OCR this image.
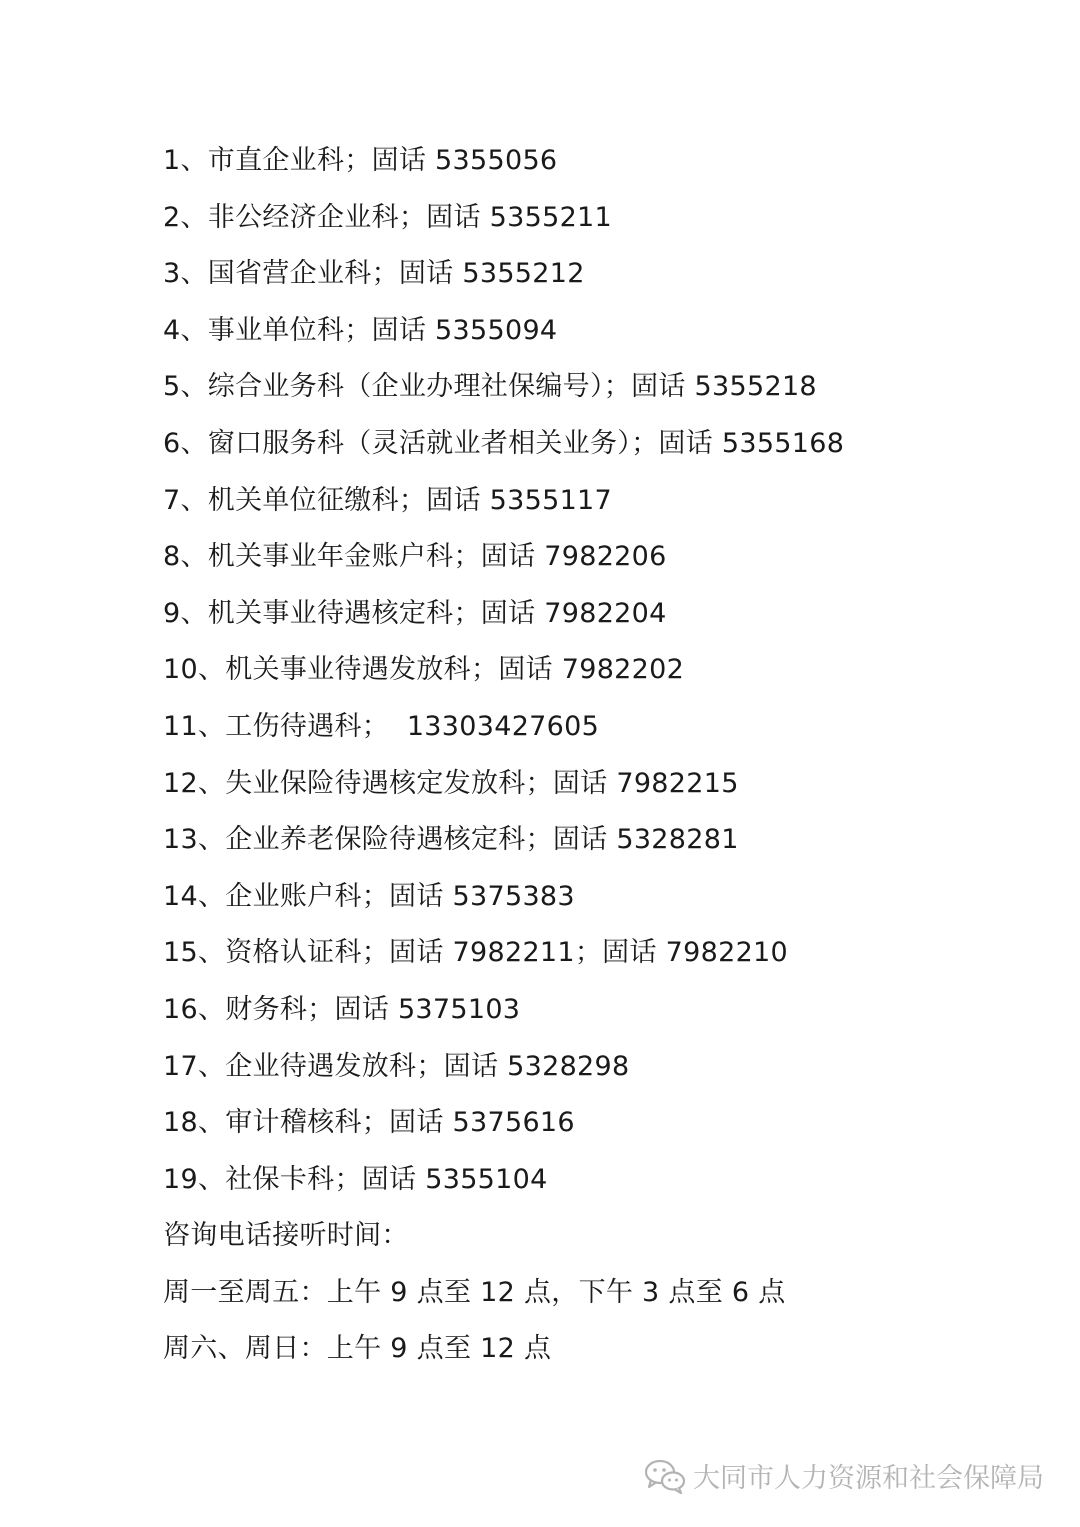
1、市直企业科；固话 5355056
2、非公经济企业科；固话 5355211
3、国省营企业科；固话 5355212
4、事业单位科；固话 5355094
5、综合业务科（企业办理社保编号）；固话 5355218
6、窗口服务科（灵活就业者相关业务）；固话 5355168
7、机关单位征缴科；固话 5355117
8、机关事业年金账户科；固话 7982206
9、机关事业待遇核定科；固话 7982204
10、机关事业待遇发放科；固话 7982202
11、工伤待遇科；  13303427605
12、失业保险待遇核定发放科；固话 7982215
13、企业养老保险待遇核定科；固话 5328281
14、企业账户科；固话 5375383
15、资格认证科；固话 7982211；固话 7982210
16、财务科；固话 5375103
17、企业待遇发放科；固话 5328298
18、审计稽核科；固话 5375616
19、社保卡科；固话 5355104
咨询电话接听时间：
周一至周五：上午 9 点至 12 点，下午 3 点至 6 点
周六、周日：上午 9 点至 12 点
大同市人力资源和社会保障局
